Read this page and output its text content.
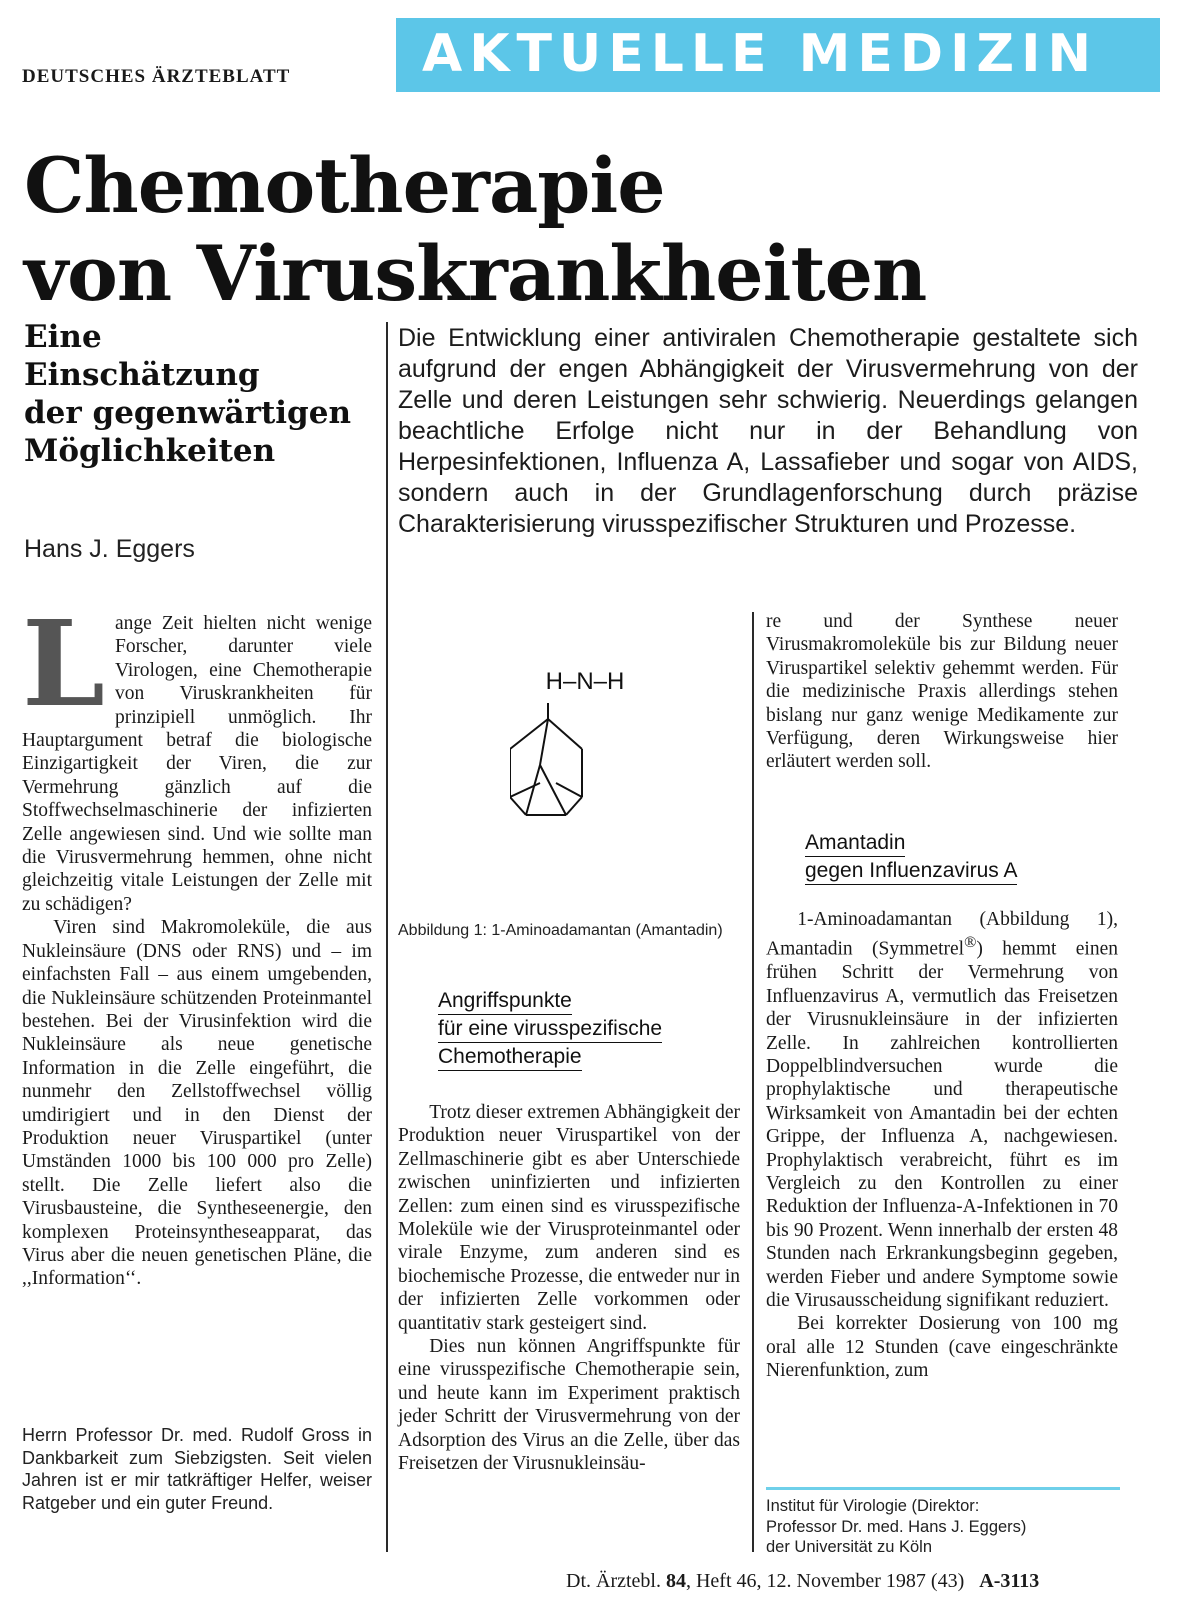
DEUTSCHES ÄRZTEBLATT	AKTUELLE MEDIZIN
Chemotherapie
von Viruskrankheiten
Eine
Einschätzung
der gegenwärtigen
Möglichkeiten
Hans J. Eggers
Die Entwicklung einer antiviralen Chemotherapie gestaltete sich aufgrund der engen Abhängigkeit der Virusvermehrung von der Zelle und deren Leistungen sehr schwierig. Neuerdings gelangen beachtliche Erfolge nicht nur in der Behandlung von Herpesinfektionen, Influenza A, Lassafieber und sogar von AIDS, sondern auch in der Grundlagenforschung durch präzise Charakterisierung virusspezifischer Strukturen und Prozesse.
L ange Zeit hielten nicht wenige Forscher, darunter viele Virologen, eine Chemotherapie von Viruskrankheiten für prinzipiell unmöglich. Ihr Hauptargument betraf die biologische Einzigartigkeit der Viren, die zur Vermehrung gänzlich auf die Stoffwechselmaschinerie der infizierten Zelle angewiesen sind. Und wie sollte man die Virusvermehrung hemmen, ohne nicht gleichzeitig vitale Leistungen der Zelle mit zu schädigen?

Viren sind Makromoleküle, die aus Nukleinsäure (DNS oder RNS) und – im einfachsten Fall – aus einem umgebenden, die Nukleinsäure schützenden Proteinmantel bestehen. Bei der Virusinfektion wird die Nukleinsäure als neue genetische Information in die Zelle eingeführt, die nunmehr den Zellstoffwechsel völlig umdirigiert und in den Dienst der Produktion neuer Viruspartikel (unter Umständen 1000 bis 100 000 pro Zelle) stellt. Die Zelle liefert also die Virusbausteine, die Syntheseenergie, den komplexen Proteinsyntheseapparat, das Virus aber die neuen genetischen Pläne, die ,,Information‘‘.

Herrn Professor Dr. med. Rudolf Gross in Dankbarkeit zum Siebzigsten. Seit vielen Jahren ist er mir tatkräftiger Helfer, weiser Ratgeber und ein guter Freund.
H–N–H
Abbildung 1: 1-Aminoadamantan (Amantadin)
Angriffspunkte
für eine virusspezifische
Chemotherapie

Trotz dieser extremen Abhängigkeit der Produktion neuer Viruspartikel von der Zellmaschinerie gibt es aber Unterschiede zwischen uninfizierten und infizierten Zellen: zum einen sind es virusspezifische Moleküle wie der Virusproteinmantel oder virale Enzyme, zum anderen sind es biochemische Prozesse, die entweder nur in der infizierten Zelle vorkommen oder quantitativ stark gesteigert sind.

Dies nun können Angriffspunkte für eine virusspezifische Chemotherapie sein, und heute kann im Experiment praktisch jeder Schritt der Virusvermehrung von der Adsorption des Virus an die Zelle, über das Freisetzen der Virusnukleinsäu-

re und der Synthese neuer Virusmakromoleküle bis zur Bildung neuer Viruspartikel selektiv gehemmt werden. Für die medizinische Praxis allerdings stehen bislang nur ganz wenige Medikamente zur Verfügung, deren Wirkungsweise hier erläutert werden soll.

Amantadin
gegen Influenzavirus A

1-Aminoadamantan (Abbildung 1), Amantadin (Symmetrel®) hemmt einen frühen Schritt der Vermehrung von Influenzavirus A, vermutlich das Freisetzen der Virusnukleinsäure in der infizierten Zelle. In zahlreichen kontrollierten Doppelblindversuchen wurde die prophylaktische und therapeutische Wirksamkeit von Amantadin bei der echten Grippe, der Influenza A, nachgewiesen. Prophylaktisch verabreicht, führt es im Vergleich zu den Kontrollen zu einer Reduktion der Influenza-A-Infektionen in 70 bis 90 Prozent. Wenn innerhalb der ersten 48 Stunden nach Erkrankungsbeginn gegeben, werden Fieber und andere Symptome sowie die Virusausscheidung signifikant reduziert.

Bei korrekter Dosierung von 100 mg oral alle 12 Stunden (cave eingeschränkte Nierenfunktion, zum

Institut für Virologie (Direktor:
Professor Dr. med. Hans J. Eggers)
der Universität zu Köln
Dt. Ärztebl. 84, Heft 46, 12. November 1987 (43) A-3113
